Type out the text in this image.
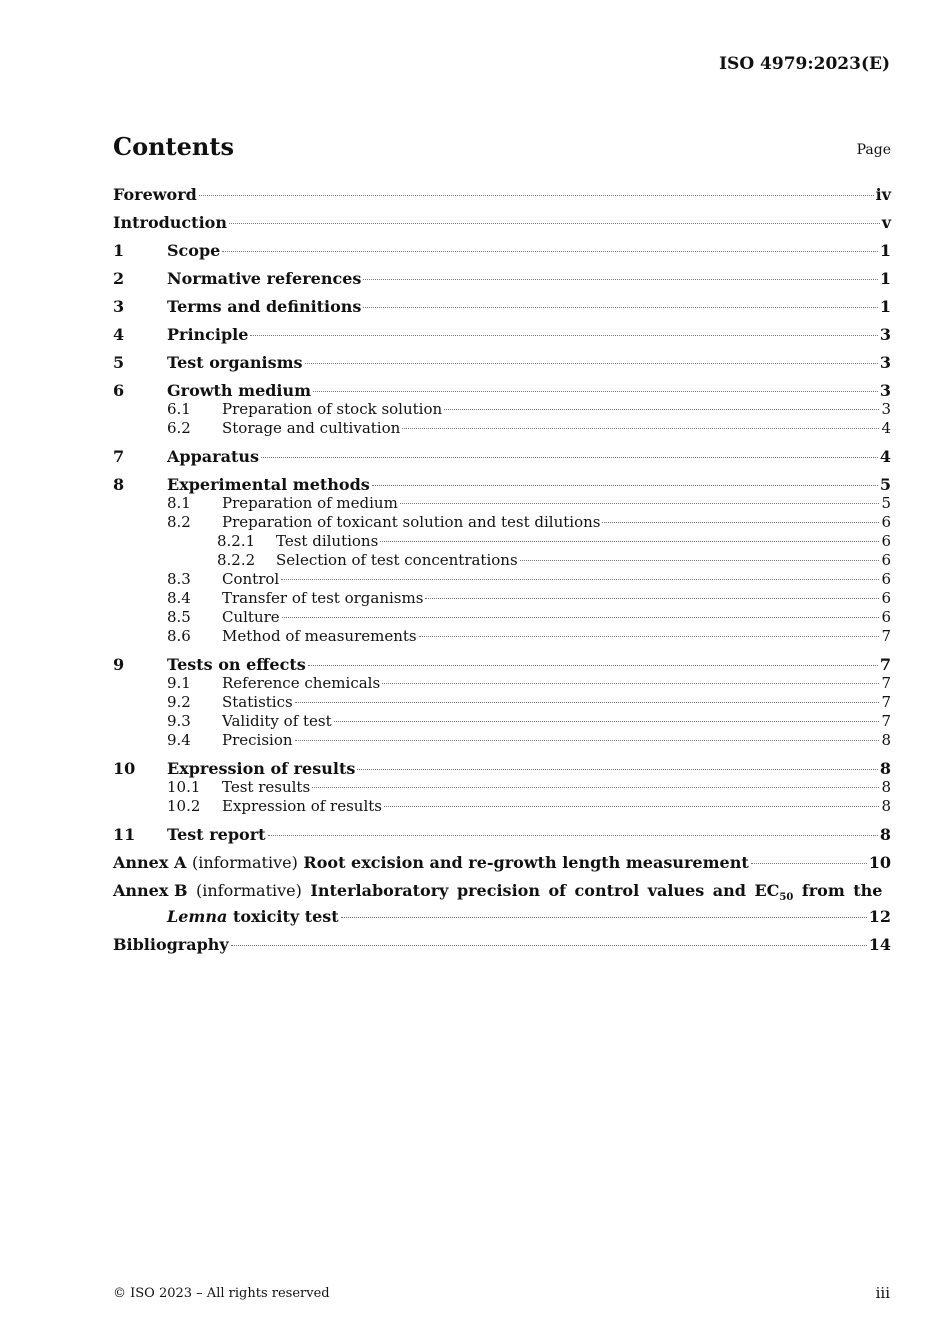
ISO 4979:2023(E)
Contents	Page
Foreword	iv
Introduction	v
1	Scope	1
2	Normative references	1
3	Terms and definitions	1
4	Principle	3
5	Test organisms	3
6	Growth medium	3
6.1	Preparation of stock solution	3
6.2	Storage and cultivation	4
7	Apparatus	4
8	Experimental methods	5
8.1	Preparation of medium	5
8.2	Preparation of toxicant solution and test dilutions	6
8.2.1	Test dilutions	6
8.2.2	Selection of test concentrations	6
8.3	Control	6
8.4	Transfer of test organisms	6
8.5	Culture	6
8.6	Method of measurements	7
9	Tests on effects	7
9.1	Reference chemicals	7
9.2	Statistics	7
9.3	Validity of test	7
9.4	Precision	8
10	Expression of results	8
10.1	Test results	8
10.2	Expression of results	8
11	Test report	8
Annex A (informative) Root excision and re-growth length measurement	10
Annex B (informative) Interlaboratory precision of control values and $EC_{50}$ from the
Lemna toxicity test	12
Bibliography	14
© ISO 2023 – All rights reserved	iii
